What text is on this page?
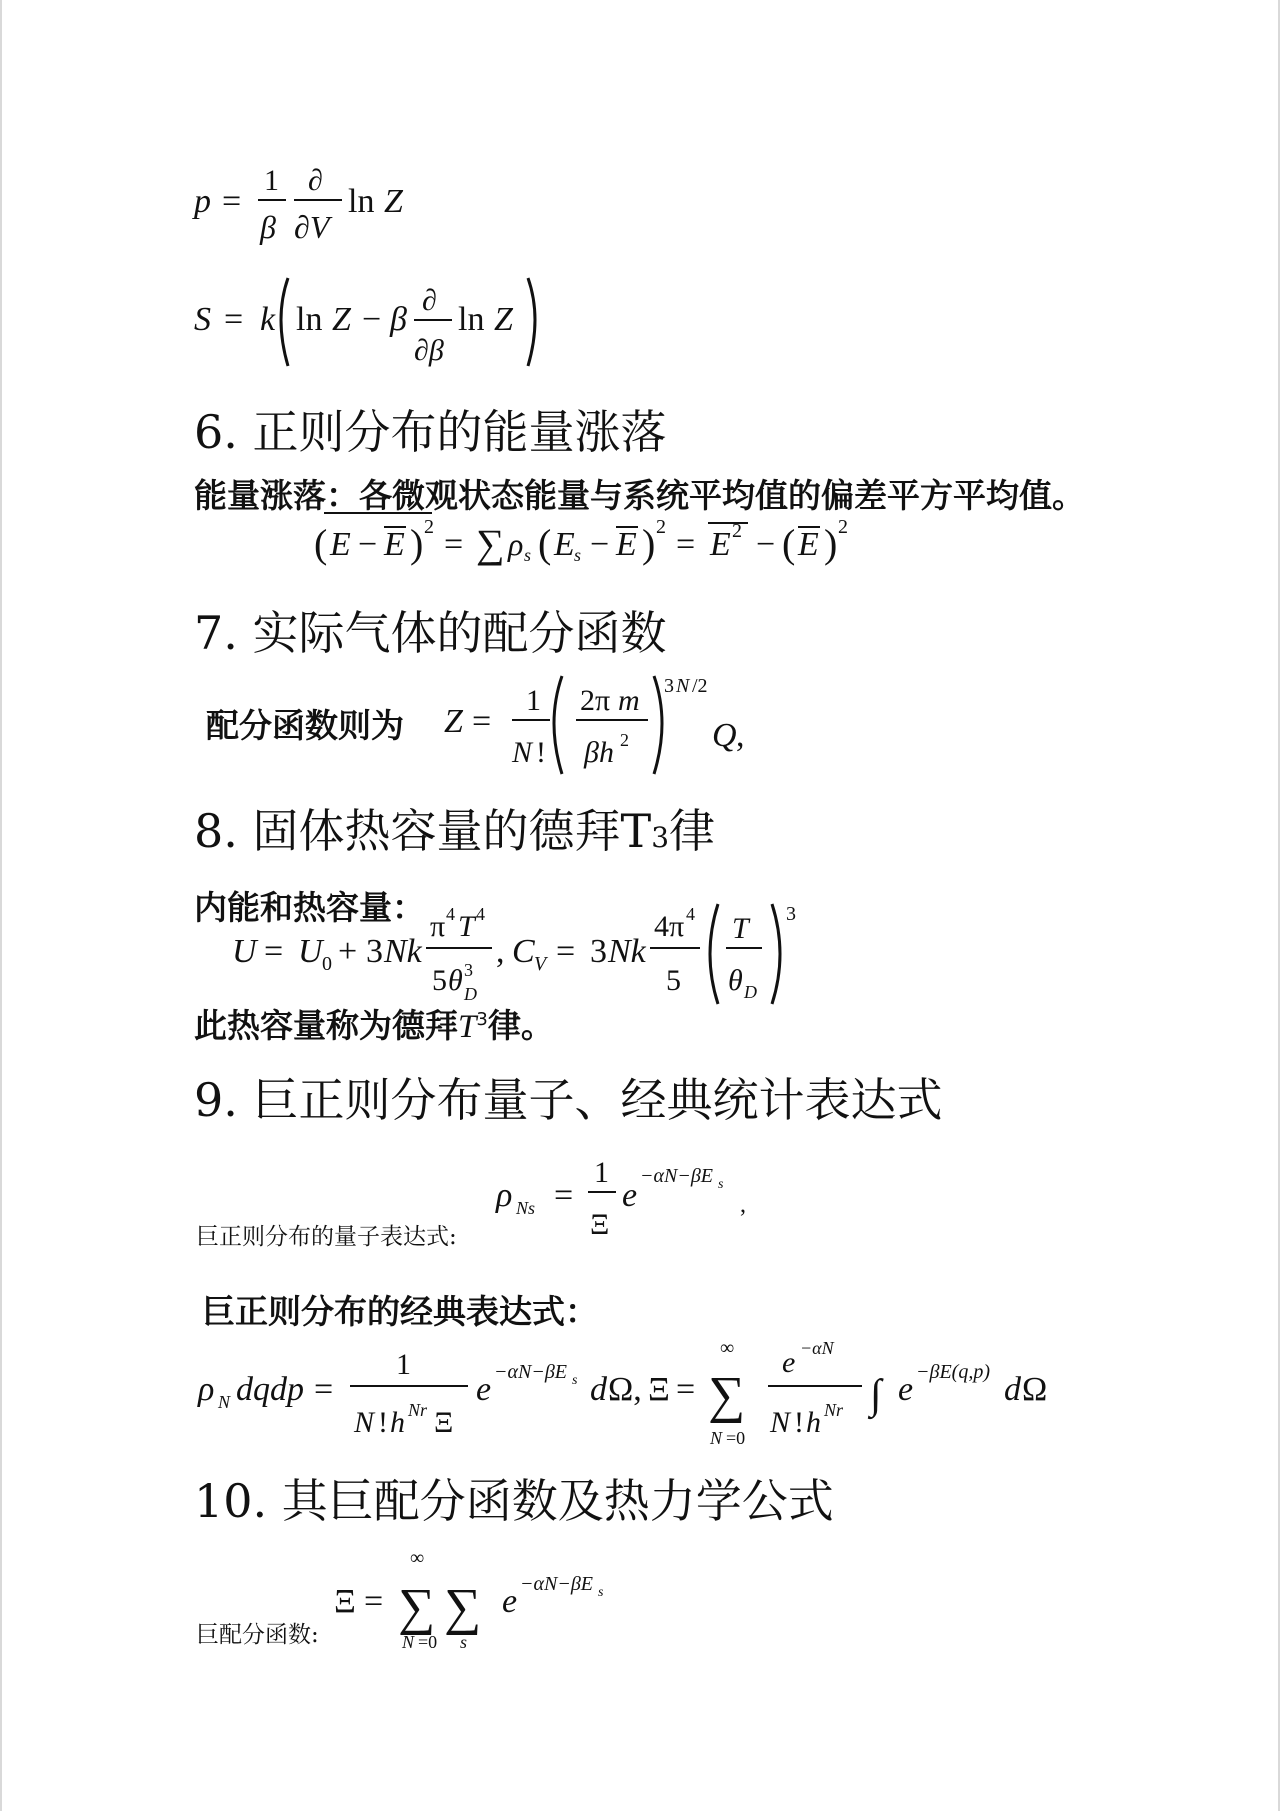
p =
1
β
∂
∂V
ln Z
S = k ln Z − β
∂
∂β
ln Z
6. 正则分布的能量涨落
能量涨落：各微观状态能量与系统平均值的偏差平方平均值。
( E − E ) 2 = ∑ ρ s ( E s − E ) 2 = E 2 − ( E ) 2
7. 实际气体的配分函数
配分函数则为 Z =
1
N !
2π m
βh 2
3 N /2
Q ,
8. 固体热容量的德拜T3律
内能和热容量：
U = U 0 + 3 Nk
π 4 T 4
5 θ 3
D
, C V = 3 Nk
4π 4
5
T
θ D
3
此热容量称为德拜$T^3$律。
9. 巨正则分布量子、经典统计表达式
ρ Ns =
1
Ξ
e
−αN−βE s
,
巨正则分布的量子表达式:
巨正则分布的经典表达式：
ρ N dqdp =
1
N ! h Nr Ξ
e −αN−βE s d Ω, Ξ = ∑
∞
N =0
e −αN
N ! h Nr ∫ e −βE(q,p) d Ω
10. 其巨配分函数及热力学公式
Ξ = ∑
∞
N =0
∑
s
e −αN−βE s
巨配分函数:
